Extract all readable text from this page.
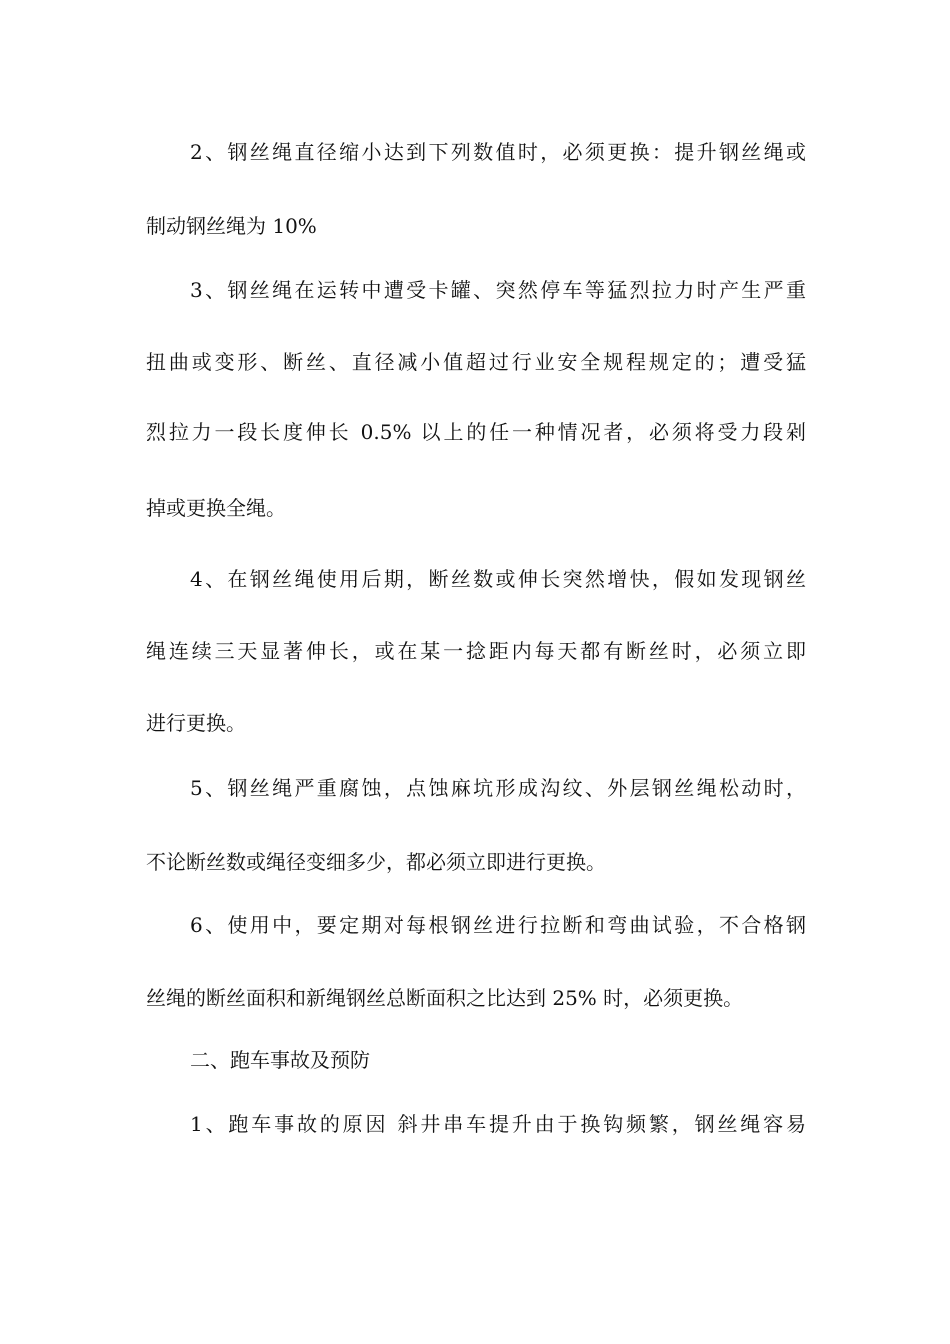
2、钢丝绳直径缩小达到下列数值时，必须更换：提升钢丝绳或
制动钢丝绳为 10%
3、钢丝绳在运转中遭受卡罐、突然停车等猛烈拉力时产生严重
扭曲或变形、断丝、直径减小值超过行业安全规程规定的；遭受猛
烈拉力一段长度伸长 0.5% 以上的任一种情况者，必须将受力段剁
掉或更换全绳。
4、在钢丝绳使用后期，断丝数或伸长突然增快，假如发现钢丝
绳连续三天显著伸长，或在某一捻距内每天都有断丝时，必须立即
进行更换。
5、钢丝绳严重腐蚀，点蚀麻坑形成沟纹、外层钢丝绳松动时，
不论断丝数或绳径变细多少，都必须立即进行更换。
6、使用中，要定期对每根钢丝进行拉断和弯曲试验，不合格钢
丝绳的断丝面积和新绳钢丝总断面积之比达到 25% 时，必须更换。
二、跑车事故及预防
1、跑车事故的原因 斜井串车提升由于换钩频繁，钢丝绳容易
